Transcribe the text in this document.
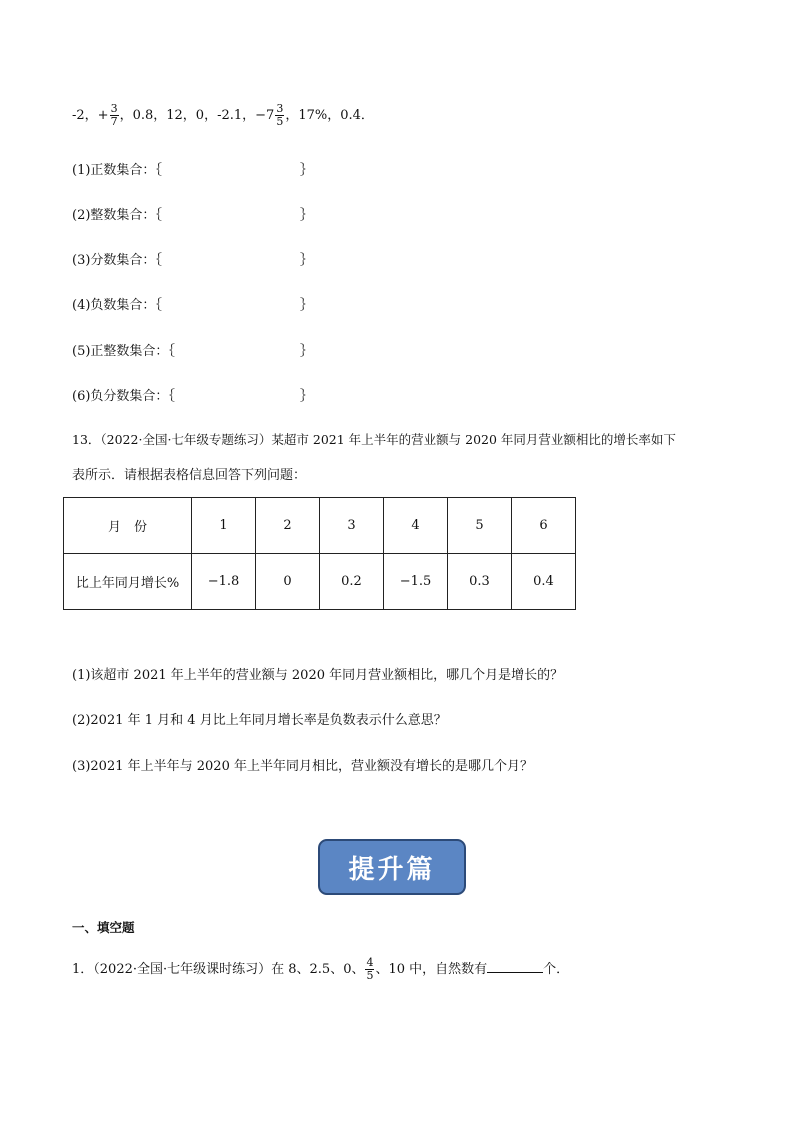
-2，+ $\frac{3}{7}$ ，0.8，12，0，-2.1，$-7 \frac{3}{5}$ ，17%，0.4．
(1)正数集合：｛	｝
(2)整数集合：｛	｝
(3)分数集合：｛	｝
(4)负数集合：｛	｝
(5)正整数集合：｛	｝
(6)负分数集合：｛	｝
13．（2022·全国·七年级专题练习）某超市 2021 年上半年的营业额与 2020 年同月营业额相比的增长率如下
表所示．请根据表格信息回答下列问题：
月　份	1	2	3	4	5	6
比上年同月增长%	−1.8	0	0.2	−1.5	0.3	0.4
(1)该超市 2021 年上半年的营业额与 2020 年同月营业额相比，哪几个月是增长的？
(2)2021 年 1 月和 4 月比上年同月增长率是负数表示什么意思？
(3)2021 年上半年与 2020 年上半年同月相比，营业额没有增长的是哪几个月？
提升篇
一、填空题
1．（2022·全国·七年级课时练习）在 8、2.5、0、 $\frac{4}{5}$ 、10 中，自然数有	个．
